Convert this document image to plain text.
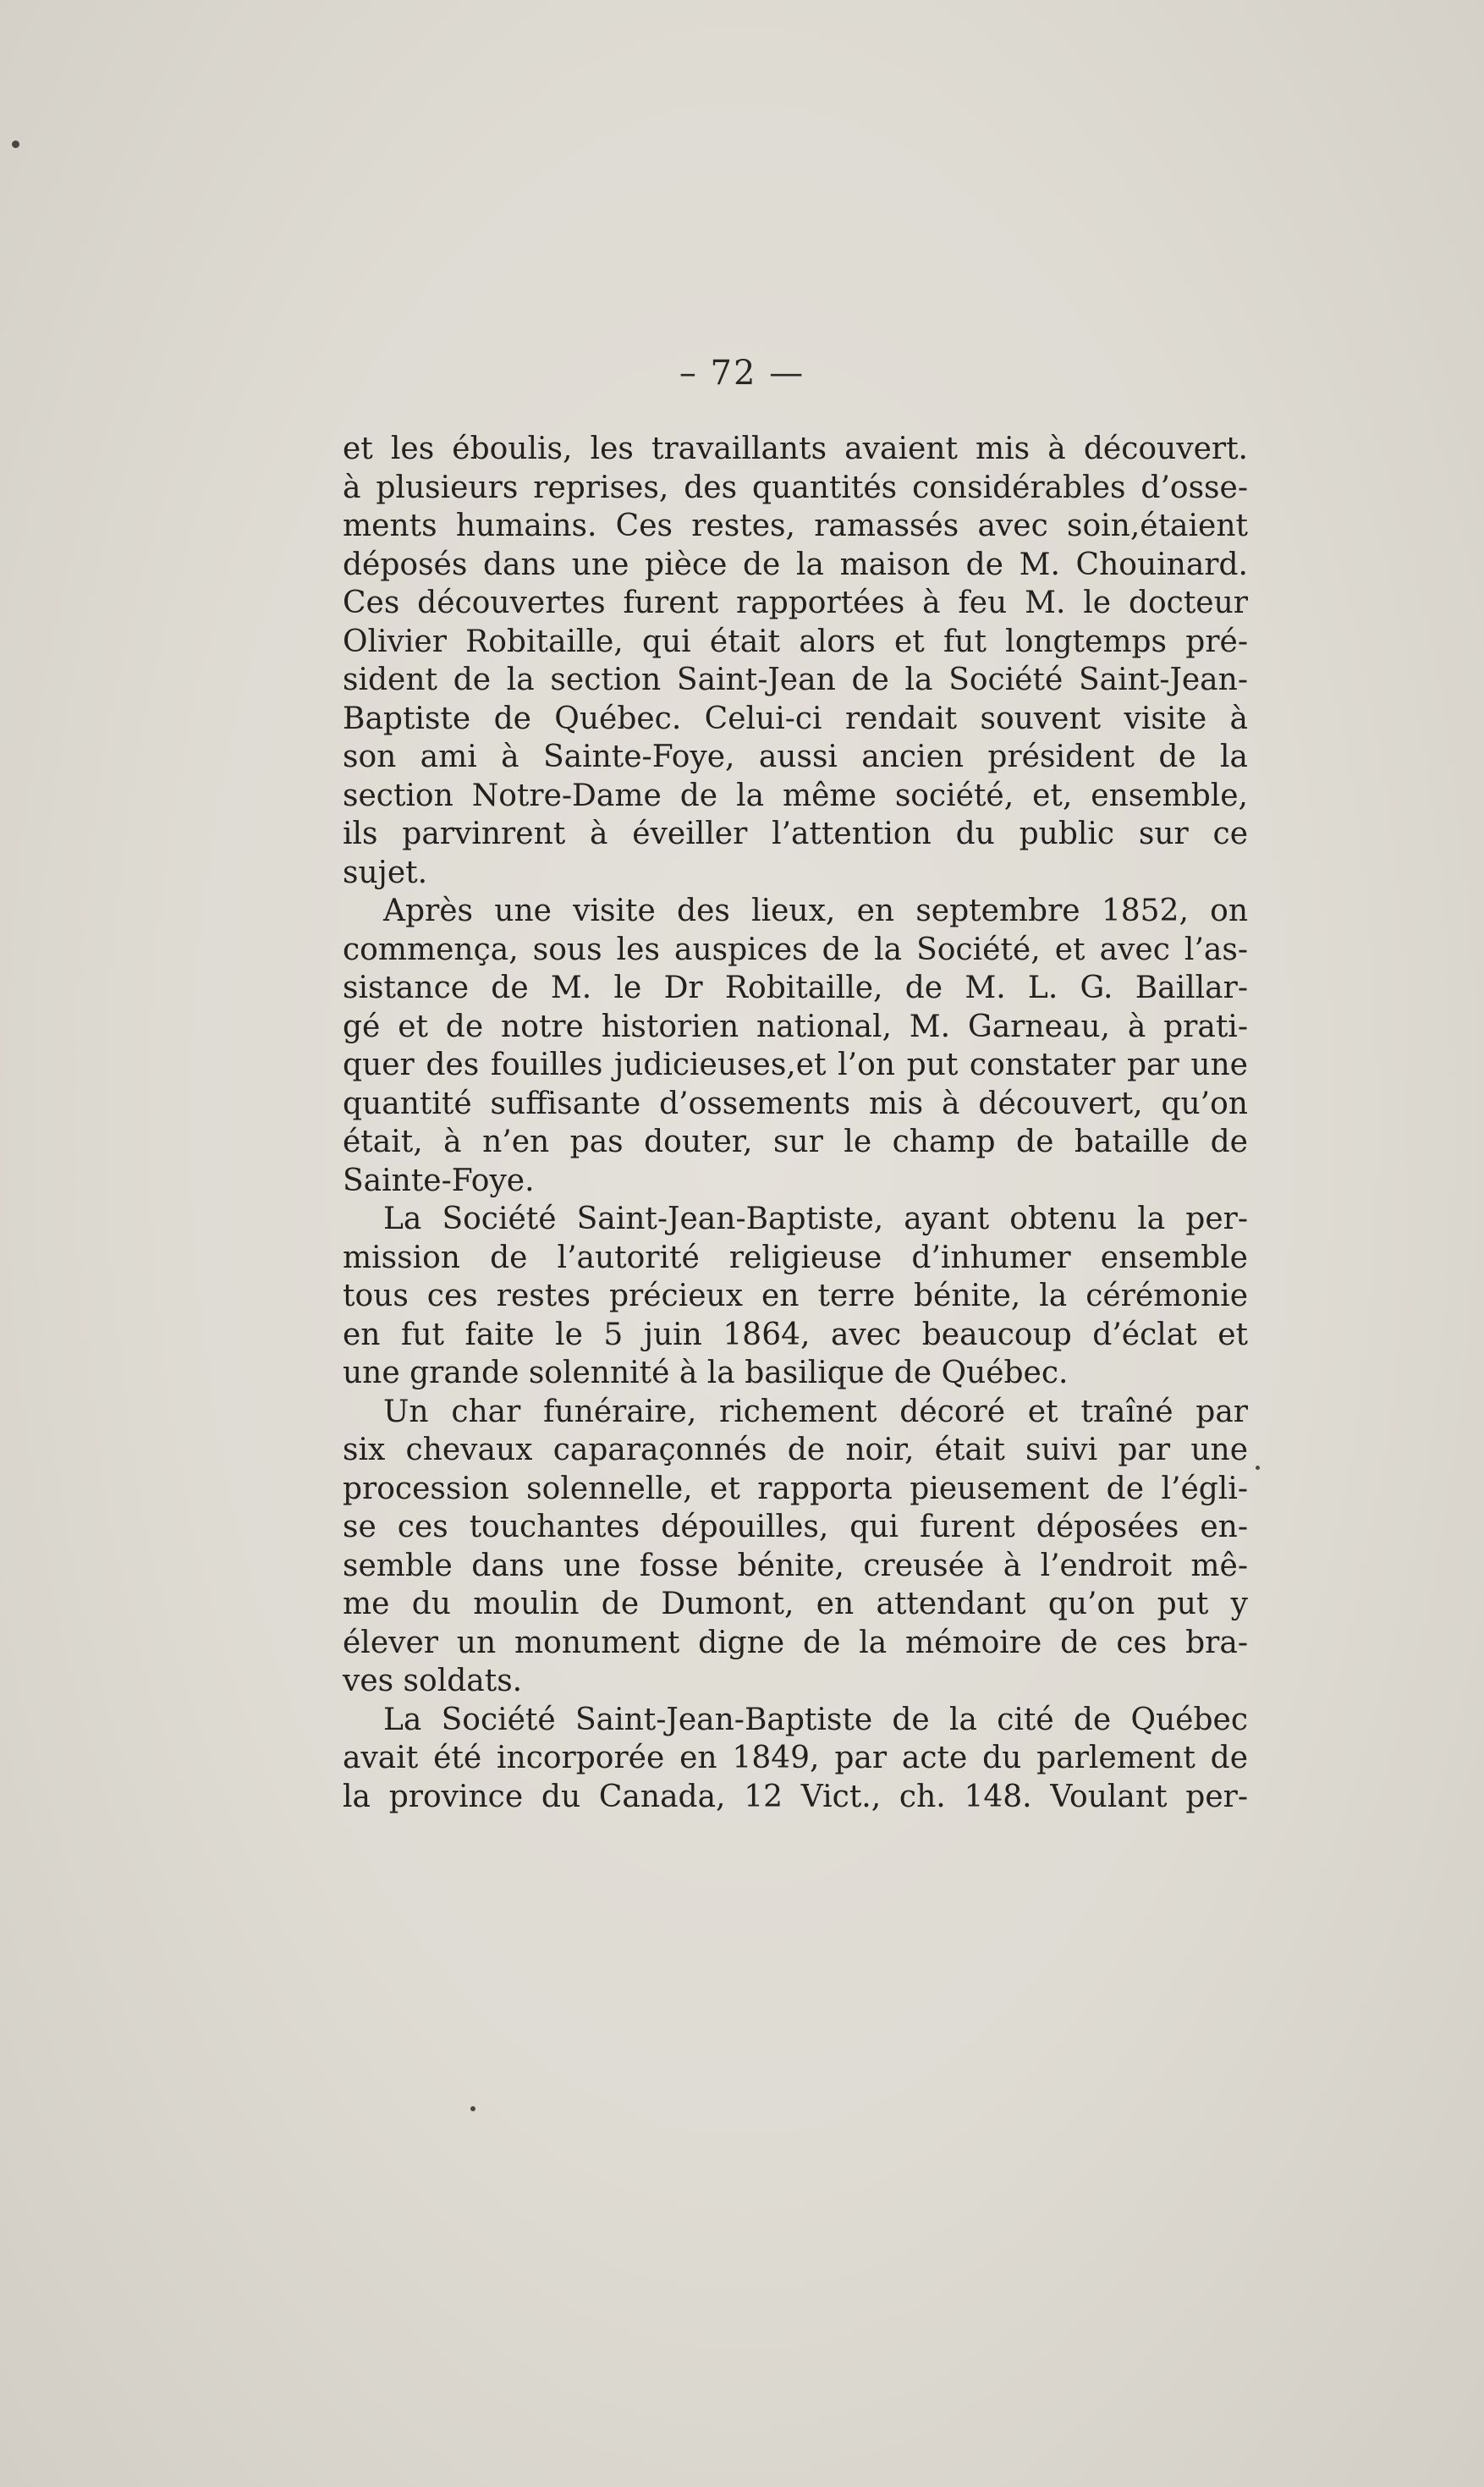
– 72 —
et les éboulis, les travaillants avaient mis à découvert.
à plusieurs reprises, des quantités considérables d’osse-
ments humains. Ces restes, ramassés avec soin,étaient
déposés dans une pièce de la maison de M. Chouinard.
Ces découvertes furent rapportées à feu M. le docteur
Olivier Robitaille, qui était alors et fut longtemps pré-
sident de la section Saint-Jean de la Société Saint-Jean-
Baptiste de Québec. Celui-ci rendait souvent visite à
son ami à Sainte-Foye, aussi ancien président de la
section Notre-Dame de la même société, et, ensemble,
ils parvinrent à éveiller l’attention du public sur ce
sujet.
Après une visite des lieux, en septembre 1852, on
commença, sous les auspices de la Société, et avec l’as-
sistance de M. le Dr Robitaille, de M. L. G. Baillar-
gé et de notre historien national, M. Garneau, à prati-
quer des fouilles judicieuses,et l’on put constater par une
quantité suffisante d’ossements mis à découvert, qu’on
était, à n’en pas douter, sur le champ de bataille de
Sainte-Foye.
La Société Saint-Jean-Baptiste, ayant obtenu la per-
mission de l’autorité religieuse d’inhumer ensemble
tous ces restes précieux en terre bénite, la cérémonie
en fut faite le 5 juin 1864, avec beaucoup d’éclat et
une grande solennité à la basilique de Québec.
Un char funéraire, richement décoré et traîné par
six chevaux caparaçonnés de noir, était suivi par une
procession solennelle, et rapporta pieusement de l’égli-
se ces touchantes dépouilles, qui furent déposées en-
semble dans une fosse bénite, creusée à l’endroit mê-
me du moulin de Dumont, en attendant qu’on put y
élever un monument digne de la mémoire de ces bra-
ves soldats.
La Société Saint-Jean-Baptiste de la cité de Québec
avait été incorporée en 1849, par acte du parlement de
la province du Canada, 12 Vict., ch. 148. Voulant per-
